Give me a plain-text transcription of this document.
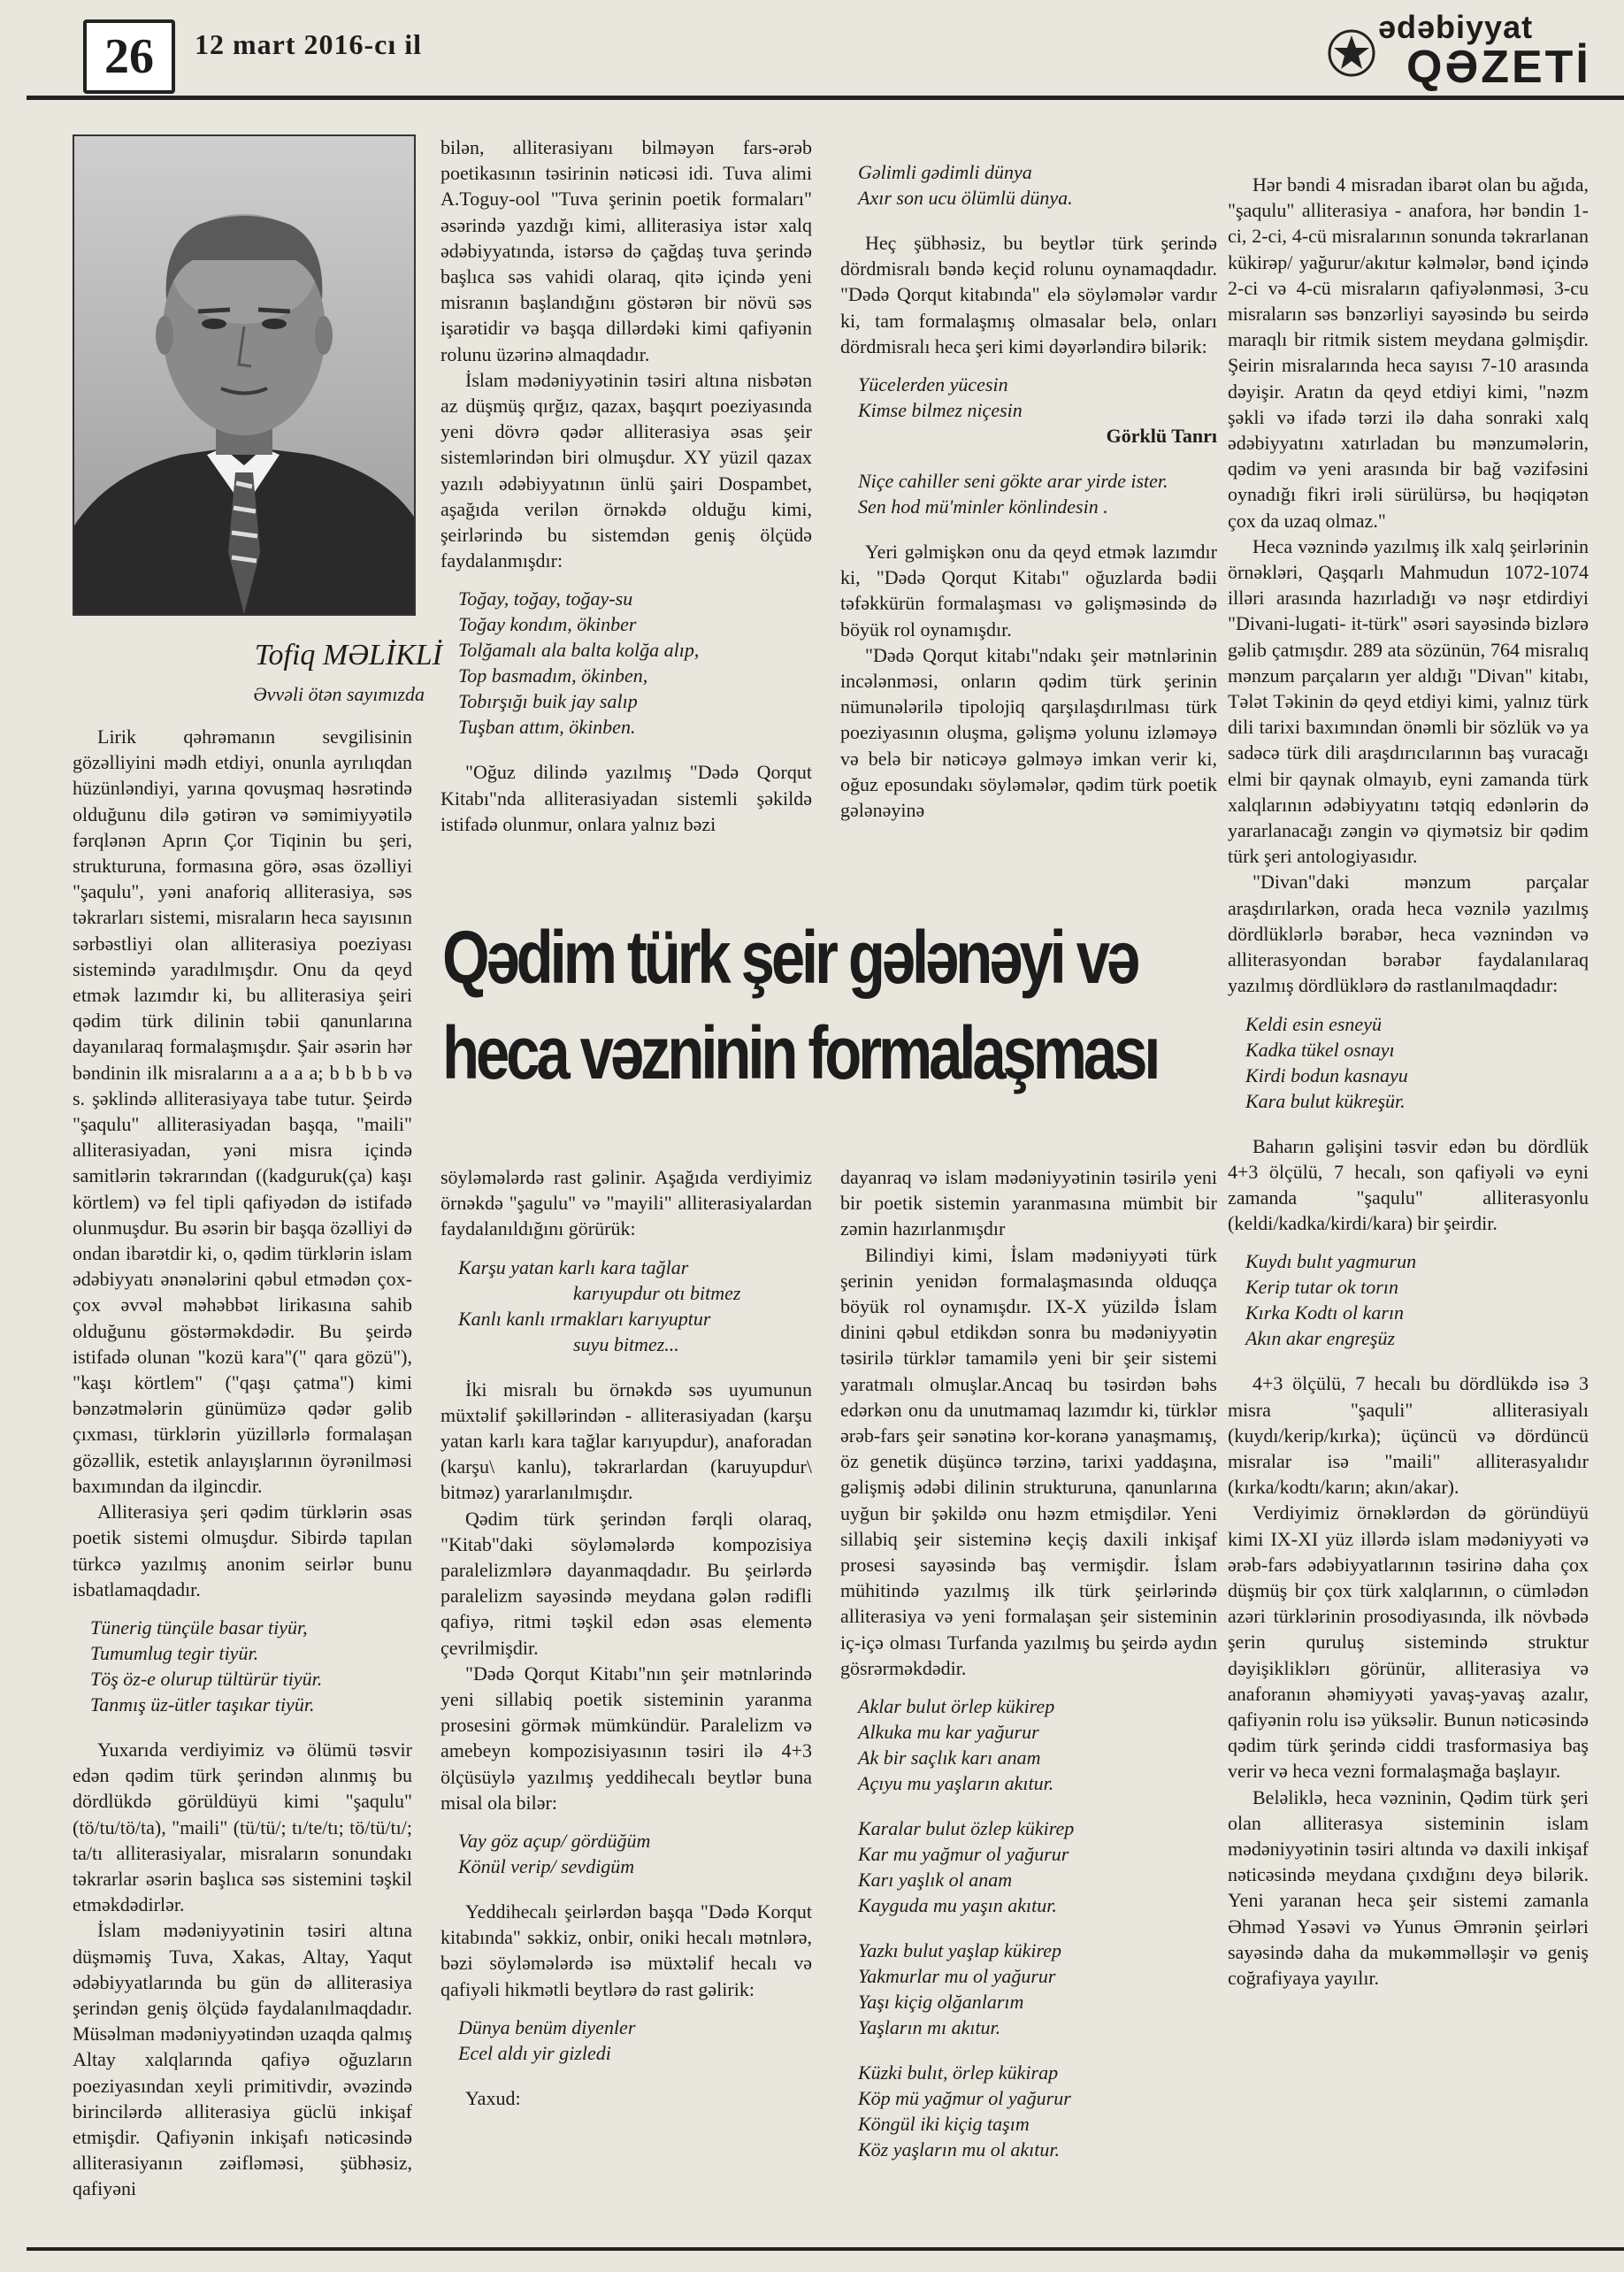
26	12 mart 2016-cı il	ədəbiyyat
QƏZETİ
Tofiq MƏLİKLİ
Əvvəli ötən sayımızda
Qədim türk şeir gələnəyi və
heca vəzninin formalaşması

Lirik qəhrəmanın sevgilisinin gözəlliyini mədh etdiyi, onunla ayrılıqdan hüzünləndiyi, yarına qovuşmaq həsrətində olduğunu dilə gətirən və səmimiyyətilə fərqlənən Aprın Çor Tiqinin bu şeri, strukturuna, formasına görə, əsas özəlliyi "şaqulu", yəni anaforiq alliterasiya, səs təkrarları sistemi, misraların heca sayısının sərbəstliyi olan alliterasiya poeziyası sistemində yaradılmışdır. Onu da qeyd etmək lazımdır ki, bu alliterasiya şeiri qədim türk dilinin təbii qanunlarına dayanılaraq formalaşmışdır. Şair əsərin hər bəndinin ilk misralarını a a a a; b b b b və s. şəklində alliterasiyaya tabe tutur. Şeirdə "şaqulu" alliterasiyadan başqa, "maili" alliterasiyadan, yəni misra içində samitlərin təkrarından ((kadguruk(ça) kaşı körtlem) və fel tipli qafiyədən də istifadə olunmuşdur. Bu əsərin bir başqa özəlliyi də ondan ibarətdir ki, o, qədim türklərin islam ədəbiyyatı ənənələrini qəbul etmədən çox-çox əvvəl məhəbbət lirikasına sahib olduğunu göstərməkdədir. Bu şeirdə istifadə olunan "kozü kara"(" qara gözü"), "kaşı körtlem" ("qaşı çatma") kimi bənzətmələrin günümüzə qədər gəlib çıxması, türklərin yüzillərlə formalaşan gözəllik, estetik anlayışlarının öyrənilməsi baxımından da ilgincdir.

Alliterasiya şeri qədim türklərin əsas poetik sistemi olmuşdur. Sibirdə tapılan türkcə yazılmış anonim seirlər bunu isbatlamaqdadır.

Tünerig tünçüle basar tiyür,
Tumumlug tegir tiyür.
Töş öz-e olurup tültürür tiyür.
Tanmış üz-ütler taşıkar tiyür.

Yuxarıda verdiyimiz və ölümü təsvir edən qədim türk şerindən alınmış bu dördlükdə görüldüyü kimi "şaqulu"(tö/tu/tö/ta), "maili" (tü/tü/; tı/te/tı; tö/tü/tı/; ta/tı alliterasiyalar, misraların sonundakı təkrarlar əsərin başlıca səs sistemini təşkil etməkdədirlər.

İslam mədəniyyətinin təsiri altına düşməmiş Tuva, Xakas, Altay, Yaqut ədəbiyyatlarında bu gün də alliterasiya şerindən geniş ölçüdə faydalanılmaqdadır. Müsəlman mədəniyyətindən uzaqda qalmış Altay xalqlarında qafiyə oğuzların poeziyasından xeyli primitivdir, əvəzində birincilərdə alliterasiya güclü inkişaf etmişdir. Qafiyənin inkişafı nəticəsində alliterasiyanın zəifləməsi, şübhəsiz, qafiyəni

bilən, alliterasiyanı bilməyən fars-ərəb poetikasının təsirinin nəticəsi idi. Tuva alimi A.Toguy-ool "Tuva şerinin poetik formaları" əsərində yazdığı kimi, alliterasiya istər xalq ədəbiyyatında, istərsə də çağdaş tuva şerində başlıca səs vahidi olaraq, qitə içində yeni misranın başlandığını göstərən bir növü səs işarətidir və başqa dillərdəki kimi qafiyənin rolunu üzərinə almaqdadır.

İslam mədəniyyətinin təsiri altına nisbətən az düşmüş qırğız, qazax, başqırt poeziyasında yeni dövrə qədər alliterasiya əsas şeir sistemlərindən biri olmuşdur. XY yüzil qazax yazılı ədəbiyyatının ünlü şairi Dospambet, aşağıda verilən örnəkdə olduğu kimi, şeirlərində bu sistemdən geniş ölçüdə faydalanmışdır:

Toğay, toğay, toğay-su
Toğay kondım, ökinber
Tolğamalı ala balta kolğa alıp,
Top basmadım, ökinben,
Tobırşığı buik jay salıp
Tuşban attım, ökinben.

"Oğuz dilində yazılmış "Dədə Qorqut Kitabı"nda alliterasiyadan sistemli şəkildə istifadə olunmur, onlara yalnız bəzi

Gəlimli gədimli dünya
Axır son ucu ölümlü dünya.

Heç şübhəsiz, bu beytlər türk şerində dördmisralı bəndə keçid rolunu oynamaqdadır. "Dədə Qorqut kitabında" elə söyləmələr vardır ki, tam formalaşmış olmasalar belə, onları dördmisralı heca şeri kimi dəyərləndirə bilərik:

Yücelerden yücesin
Kimse bilmez niçesin
Görklü Tanrı
Niçe cahiller seni gökte arar yirde ister.
Sen hod mü'minler könlindesin .

Yeri gəlmişkən onu da qeyd etmək lazımdır ki, "Dədə Qorqut Kitabı" oğuzlarda bədii təfəkkürün formalaşması və gəlişməsində də böyük rol oynamışdır.

"Dədə Qorqut kitabı"ndakı şeir mətnlərinin incələnməsi, onların qədim türk şerinin nümunələrilə tipolojiq qarşılaşdırılması türk poeziyasının oluşma, gəlişmə yolunu izləməyə və belə bir nəticəyə gəlməyə imkan verir ki, oğuz eposundakı söyləmələr, qədim türk poetik gələnəyinə

Hər bəndi 4 misradan ibarət olan bu ağıda, "şaqulu" alliterasiya - anafora, hər bəndin 1-ci, 2-ci, 4-cü misralarının sonunda təkrarlanan kükirəp/ yağurur/akıtur kəlmələr, bənd içində 2-ci və 4-cü misraların qafiyələnməsi, 3-cu misraların səs bənzərliyi sayəsində bu seirdə maraqlı bir ritmik sistem meydana gəlmişdir. Şeirin misralarında heca sayısı 7-10 arasında dəyişir. Aratın da qeyd etdiyi kimi, "nəzm şəkli və ifadə tərzi ilə daha sonraki xalq ədəbiyyatını xatırladan bu mənzumələrin, qədim və yeni arasında bir bağ vəzifəsini oynadığı fikri irəli sürülürsə, bu həqiqətən çox da uzaq olmaz."

Heca vəznində yazılmış ilk xalq şeirlərinin örnəkləri, Qaşqarlı Mahmudun 1072-1074 illəri arasında hazırladığı və nəşr etdirdiyi "Divani-lugati- it-türk" əsəri sayəsində bizlərə gəlib çatmışdır. 289 ata sözünün, 764 misralıq mənzum parçaların yer aldığı "Divan" kitabı, Tələt Təkinin də qeyd etdiyi kimi, yalnız türk dili tarixi baxımından önəmli bir sözlük və ya sadəcə türk dili araşdırıcılarının baş vuracağı elmi bir qaynak olmayıb, eyni zamanda türk xalqlarının ədəbiyyatını tətqiq edənlərin də yararlanacağı zəngin və qiymətsiz bir qədim türk şeri antologiyasıdır.

"Divan"daki mənzum parçalar araşdırılarkən, orada heca vəznilə yazılmış dördlüklərlə bərabər, heca vəznindən və alliterasyondan bərabər faydalanılaraq yazılmış dördlüklərə də rastlanılmaqdadır:

Keldi esin esneyü
Kadka tükel osnayı
Kirdi bodun kasnayu
Kara bulut kükreşür.

Baharın gəlişini təsvir edən bu dördlük 4+3 ölçülü, 7 hecalı, son qafiyəli və eyni zamanda "şaqulu" alliterasyonlu (keldi/kadka/kirdi/kara) bir şeirdir.

Kuydı bulıt yagmurun
Kerip tutar ok torın
Kırka Kodtı ol karın
Akın akar engreşüz

4+3 ölçülü, 7 hecalı bu dördlükdə isə 3 misra "şaquli" alliterasiyalı (kuydı/kerip/kırka); üçüncü və dördüncü misralar isə "maili" alliterasyalıdır (kırka/kodtı/karın; akın/akar).

Verdiyimiz örnəklərdən də göründüyü kimi IX-XI yüz illərdə islam mədəniyyəti və ərəb-fars ədəbiyyatlarının təsirinə daha çox düşmüş bir çox türk xalqlarının, o cümlədən azəri türklərinin prosodiyasında, ilk növbədə şerin quruluş sistemində struktur dəyişikliklərı görünür, alliterasiya və anaforanın əhəmiyyəti yavaş-yavaş azalır, qafiyənin rolu isə yüksəlir. Bunun nəticəsində qədim türk şerində ciddi trasformasiya baş verir və heca vezni formalaşmağa başlayır.

Beləliklə, heca vəzninin, Qədim türk şeri olan alliterasya sisteminin islam mədəniyyətinin təsiri altında və daxili inkişaf nəticəsində meydana çıxdığını deyə bilərik. Yeni yaranan heca şeir sistemi zamanla Əhməd Yəsəvi və Yunus Əmrənin şeirləri sayəsində daha da mukəmməlləşir və geniş coğrafiyaya yayılır.

söyləmələrdə rast gəlinir. Aşağıda verdiyimiz örnəkdə "şagulu" və "mayili" alliterasiyalardan faydalanıldığını görürük:

Karşu yatan karlı kara tağlar
karıyupdur otı bitmez
Kanlı kanlı ırmakları karıyuptur
suyu bitmez...

İki misralı bu örnəkdə səs uyumunun müxtəlif şəkillərindən - alliterasiyadan (karşu yatan karlı kara tağlar karıyupdur), anaforadan (karşu\ kanlu), təkrarlardan (karuyupdur\ bitməz) yararlanılmışdır.

Qədim türk şerindən fərqli olaraq, "Kitab"daki söyləmələrdə kompozisiya paralelizmlərə dayanmaqdadır. Bu şeirlərdə paralelizm sayəsində meydana gələn rədifli qafiyə, ritmi təşkil edən əsas elementə çevrilmişdir.

"Dədə Qorqut Kitabı"nın şeir mətnlərində yeni sillabiq poetik sisteminin yaranma prosesini görmək mümkündür. Paralelizm və amebeyn kompozisiyasının təsiri ilə 4+3 ölçüsüylə yazılmış yeddihecalı beytlər buna misal ola bilər:

Vay göz açup/ gördüğüm
Könül verip/ sevdigüm

Yeddihecalı şeirlərdən başqa "Dədə Korqut kitabında" səkkiz, onbir, oniki hecalı mətnlərə, bəzi söyləmələrdə isə müxtəlif hecalı və qafiyəli hikmətli beytlərə də rast gəlirik:

Dünya benüm diyenler
Ecel aldı yir gizledi

Yaxud:

dayanraq və islam mədəniyyətinin təsirilə yeni bir poetik sistemin yaranmasına mümbit bir zəmin hazırlanmışdır

Bilindiyi kimi, İslam mədəniyyəti türk şerinin yenidən formalaşmasında olduqça böyük rol oynamışdır. IX-X yüzildə İslam dinini qəbul etdikdən sonra bu mədəniyyətin təsirilə türklər tamamilə yeni bir şeir sistemi yaratmalı olmuşlar.Ancaq bu təsirdən bəhs edərkən onu da unutmamaq lazımdır ki, türklər ərəb-fars şeir sənətinə kor-koranə yanaşmamış, öz genetik düşüncə tərzinə, tarixi yaddaşına, gəlişmiş ədəbi dilinin strukturuna, qanunlarına uyğun bir şəkildə onu həzm etmişdilər. Yeni sillabiq şeir sisteminə keçiş daxili inkişaf prosesi sayəsində baş vermişdir. İslam mühitində yazılmış ilk türk şeirlərində alliterasiya və yeni formalaşan şeir sisteminin iç-içə olması Turfanda yazılmış bu şeirdə aydın gösrərməkdədir.

Aklar bulut örlep kükirep
Alkuka mu kar yağurur
Ak bir saçlık karı anam
Açıyu mu yaşların akıtur.
Karalar bulut özlep kükirep
Kar mu yağmur ol yağurur
Karı yaşlık ol anam
Kayguda mu yaşın akıtur.
Yazkı bulut yaşlap kükirep
Yakmurlar mu ol yağurur
Yaşı kiçig olğanlarım
Yaşların mı akıtur.
Küzki bulıt, örlep kükirap
Köp mü yağmur ol yağurur
Köngül iki kiçig taşım
Köz yaşların mu ol akıtur.
